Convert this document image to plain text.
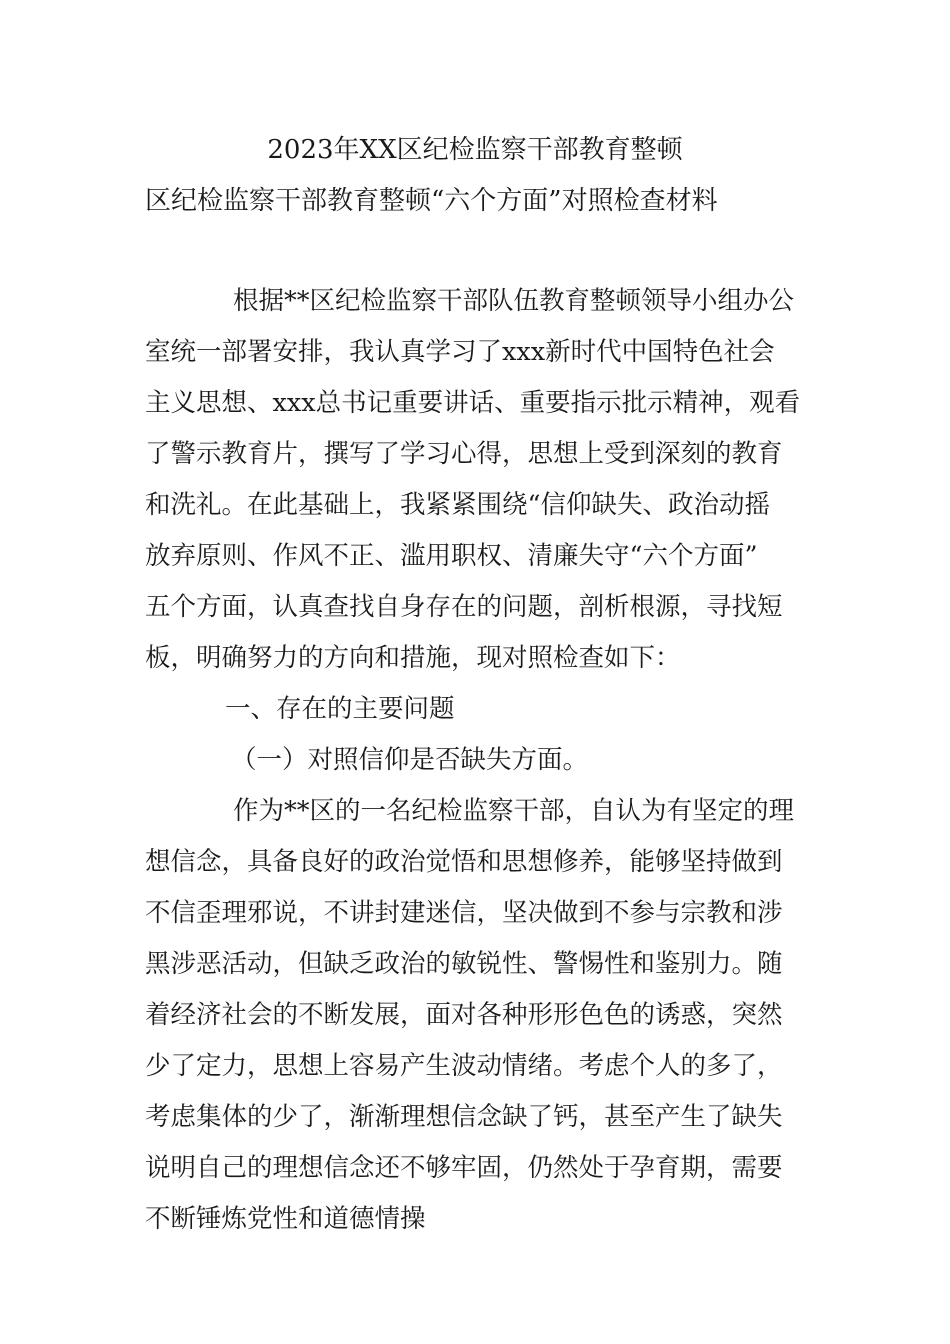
2023年XX区纪检监察干部教育整顿
区纪检监察干部教育整顿“六个方面”对照检查材料
根据**区纪检监察干部队伍教育整顿领导小组办公
室统一部署安排，我认真学习了xxx新时代中国特色社会
主义思想、xxx总书记重要讲话、重要指示批示精神，观看
了警示教育片，撰写了学习心得，思想上受到深刻的教育
和洗礼。在此基础上，我紧紧围绕“信仰缺失、政治动摇
放弃原则、作风不正、滥用职权、清廉失守“六个方面”
五个方面，认真查找自身存在的问题，剖析根源，寻找短
板，明确努力的方向和措施，现对照检查如下：
一、存在的主要问题
（一）对照信仰是否缺失方面。
作为**区的一名纪检监察干部，自认为有坚定的理
想信念，具备良好的政治觉悟和思想修养，能够坚持做到
不信歪理邪说，不讲封建迷信，坚决做到不参与宗教和涉
黑涉恶活动，但缺乏政治的敏锐性、警惕性和鉴别力。随
着经济社会的不断发展，面对各种形形色色的诱惑，突然
少了定力，思想上容易产生波动情绪。考虑个人的多了，
考虑集体的少了，渐渐理想信念缺了钙，甚至产生了缺失
说明自己的理想信念还不够牢固，仍然处于孕育期，需要
不断锤炼党性和道德情操
